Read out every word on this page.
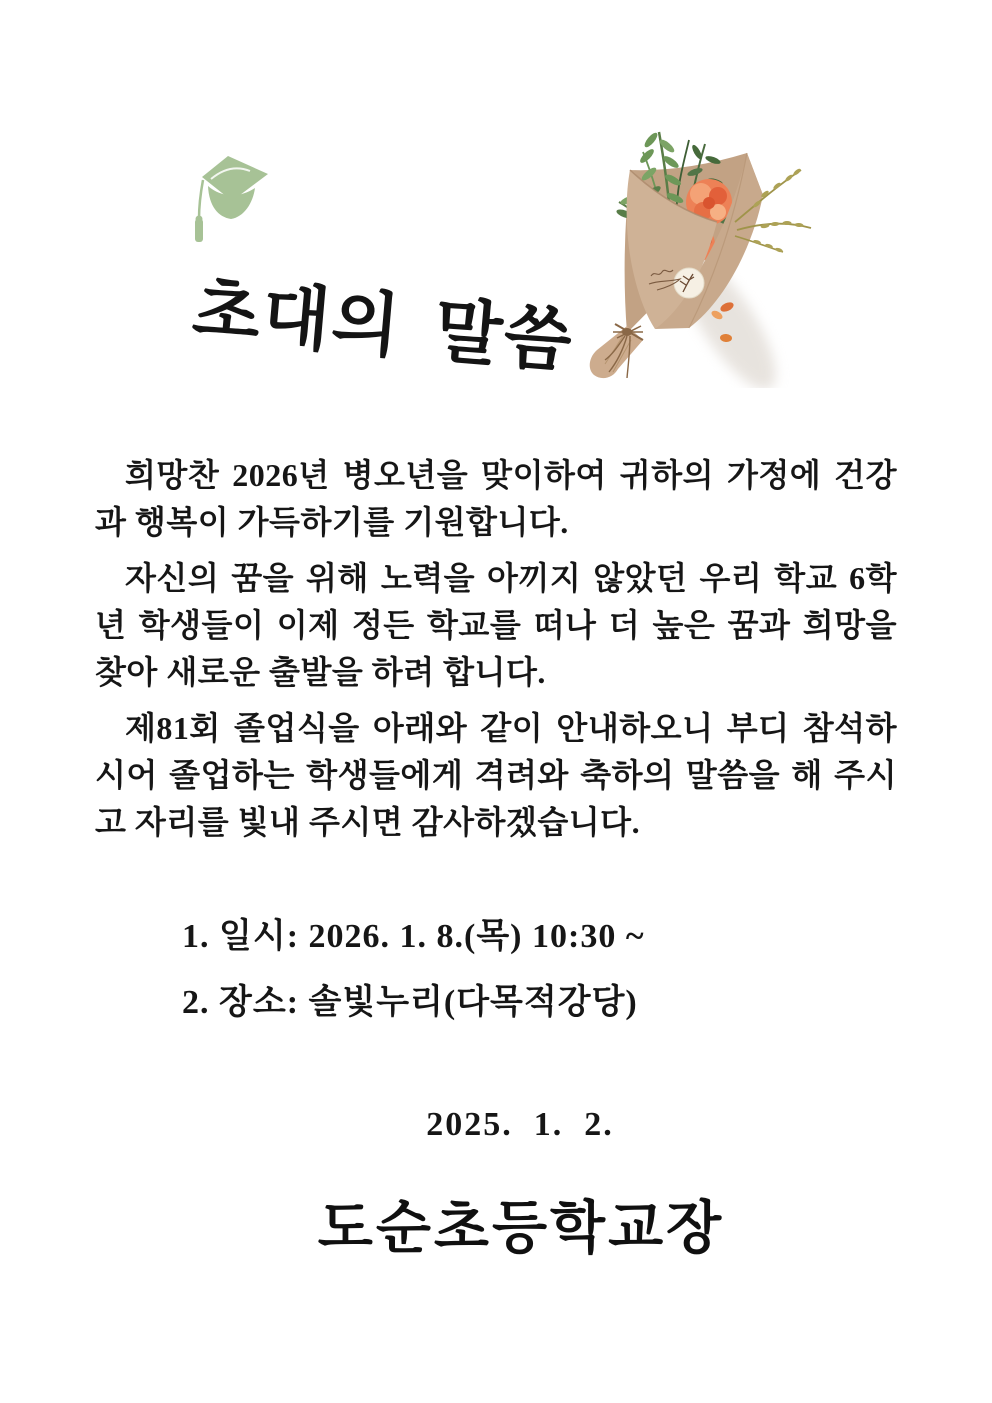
초대의 말씀
희망찬 2026년 병오년을 맞이하여 귀하의 가정에 건강
과 행복이 가득하기를 기원합니다.
자신의 꿈을 위해 노력을 아끼지 않았던 우리 학교 6학
년 학생들이 이제 정든 학교를 떠나 더 높은 꿈과 희망을
찾아 새로운 출발을 하려 합니다.
제81회 졸업식을 아래와 같이 안내하오니 부디 참석하
시어 졸업하는 학생들에게 격려와 축하의 말씀을 해 주시
고 자리를 빛내 주시면 감사하겠습니다.
1. 일시: 2026. 1. 8.(목) 10:30 ~
2. 장소: 솔빛누리(다목적강당)
2025.  1.  2.
도순초등학교장
